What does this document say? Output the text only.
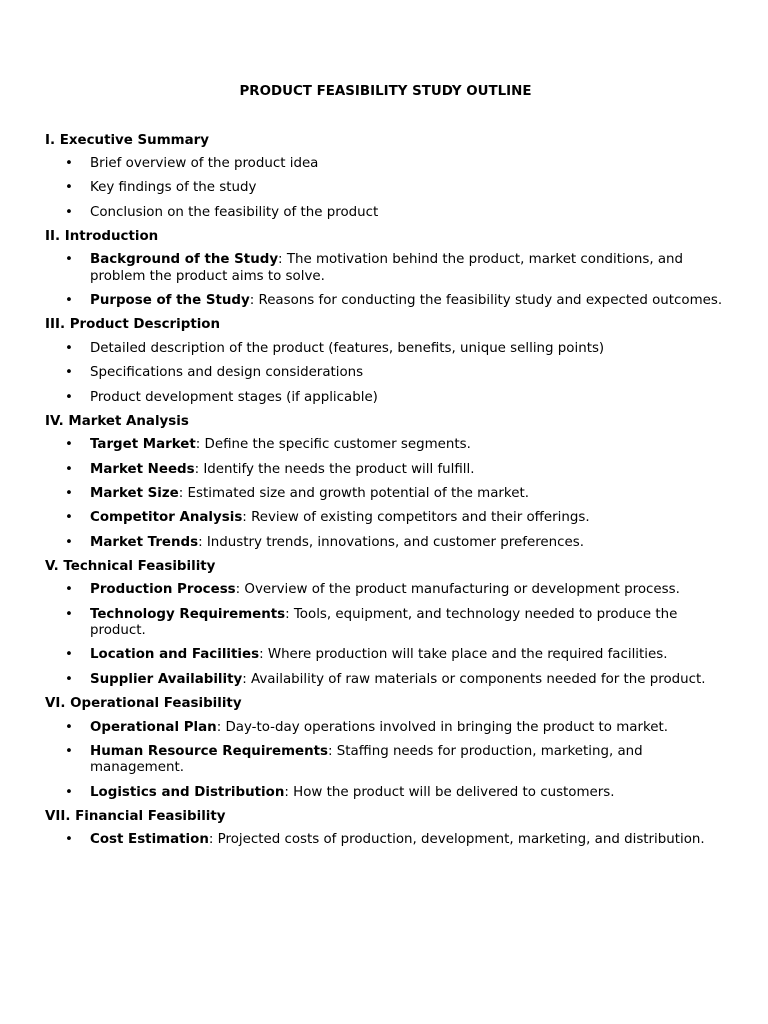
PRODUCT FEASIBILITY STUDY OUTLINE
I. Executive Summary
• Brief overview of the product idea
• Key findings of the study
• Conclusion on the feasibility of the product
II. Introduction
• Background of the Study: The motivation behind the product, market conditions, and problem the product aims to solve.
• Purpose of the Study: Reasons for conducting the feasibility study and expected outcomes.
III. Product Description
• Detailed description of the product (features, benefits, unique selling points)
• Specifications and design considerations
• Product development stages (if applicable)
IV. Market Analysis
• Target Market: Define the specific customer segments.
• Market Needs: Identify the needs the product will fulfill.
• Market Size: Estimated size and growth potential of the market.
• Competitor Analysis: Review of existing competitors and their offerings.
• Market Trends: Industry trends, innovations, and customer preferences.
V. Technical Feasibility
• Production Process: Overview of the product manufacturing or development process.
• Technology Requirements: Tools, equipment, and technology needed to produce the product.
• Location and Facilities: Where production will take place and the required facilities.
• Supplier Availability: Availability of raw materials or components needed for the product.
VI. Operational Feasibility
• Operational Plan: Day-to-day operations involved in bringing the product to market.
• Human Resource Requirements: Staffing needs for production, marketing, and management.
• Logistics and Distribution: How the product will be delivered to customers.
VII. Financial Feasibility
• Cost Estimation: Projected costs of production, development, marketing, and distribution.
